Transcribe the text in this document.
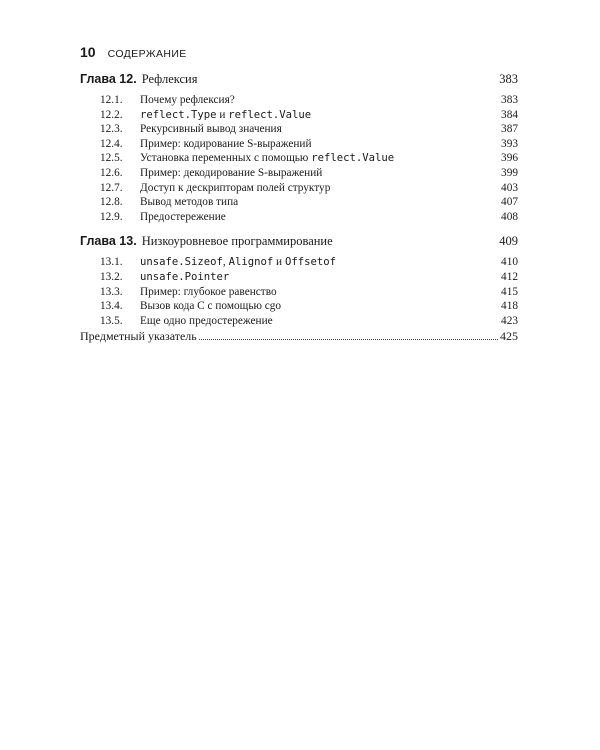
10 СОДЕРЖАНИЕ
Глава 12. Рефлексия	383
12.1.	Почему рефлексия?	383
12.2.	reflect.Type и reflect.Value	384
12.3.	Рекурсивный вывод значения	387
12.4.	Пример: кодирование S-выражений	393
12.5.	Установка переменных с помощью reflect.Value	396
12.6.	Пример: декодирование S-выражений	399
12.7.	Доступ к дескрипторам полей структур	403
12.8.	Вывод методов типа	407
12.9.	Предостережение	408
Глава 13. Низкоуровневое программирование	409
13.1.	unsafe.Sizeof, Alignof и Offsetof	410
13.2.	unsafe.Pointer	412
13.3.	Пример: глубокое равенство	415
13.4.	Вызов кода С с помощью cgo	418
13.5.	Еще одно предостережение	423
Предметный указатель	425
